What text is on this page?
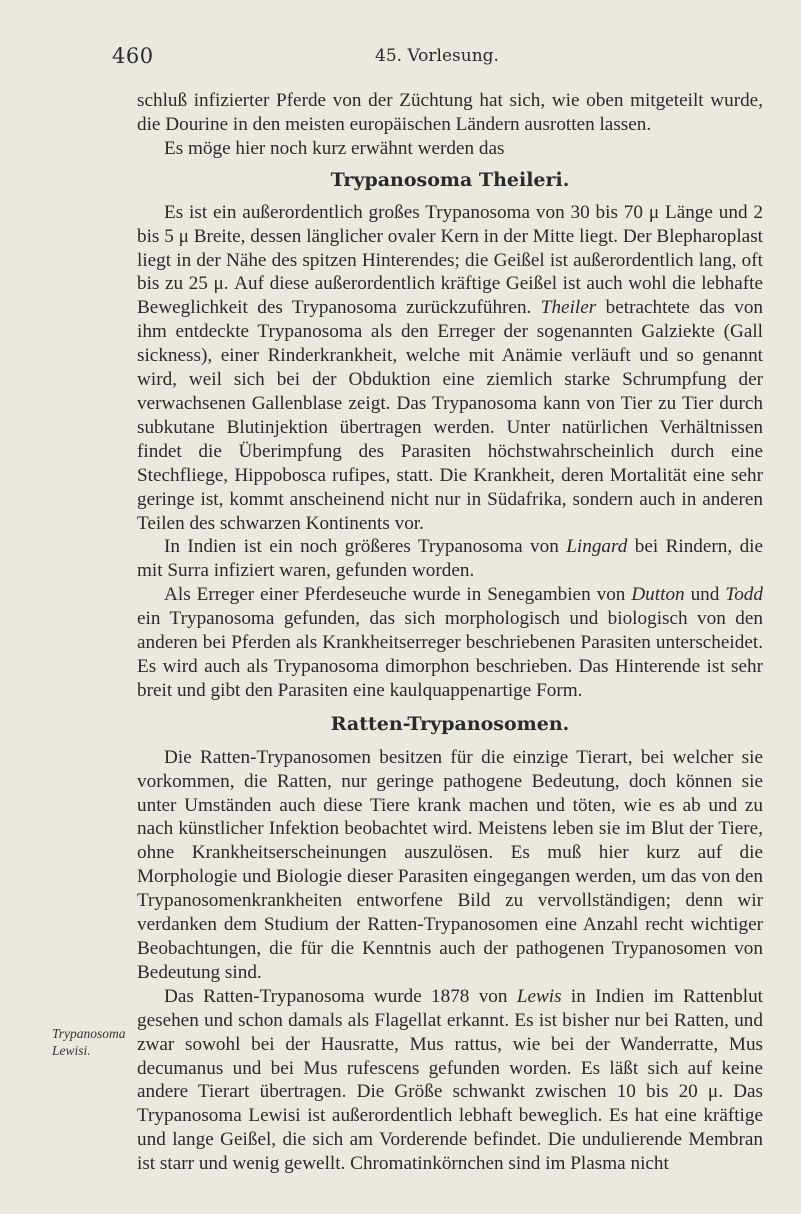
460	45. Vorlesung.

schluß infizierter Pferde von der Züchtung hat sich, wie oben mitgeteilt wurde, die Dourine in den meisten europäischen Ländern ausrotten lassen.

Es möge hier noch kurz erwähnt werden das

Trypanosoma Theileri.

Es ist ein außerordentlich großes Trypanosoma von 30 bis 70 μ Länge und 2 bis 5 μ Breite, dessen länglicher ovaler Kern in der Mitte liegt. Der Blepharoplast liegt in der Nähe des spitzen Hinterendes; die Geißel ist außerordentlich lang, oft bis zu 25 μ. Auf diese außerordentlich kräftige Geißel ist auch wohl die lebhafte Beweglichkeit des Trypanosoma zurückzuführen. Theiler betrachtete das von ihm entdeckte Trypanosoma als den Erreger der sogenannten Galziekte (Gall sickness), einer Rinderkrankheit, welche mit Anämie verläuft und so genannt wird, weil sich bei der Obduktion eine ziemlich starke Schrumpfung der verwachsenen Gallenblase zeigt. Das Trypanosoma kann von Tier zu Tier durch subkutane Blutinjektion übertragen werden. Unter natürlichen Verhältnissen findet die Überimpfung des Parasiten höchstwahrscheinlich durch eine Stechfliege, Hippobosca rufipes, statt. Die Krankheit, deren Mortalität eine sehr geringe ist, kommt anscheinend nicht nur in Südafrika, sondern auch in anderen Teilen des schwarzen Kontinents vor.

In Indien ist ein noch größeres Trypanosoma von Lingard bei Rindern, die mit Surra infiziert waren, gefunden worden.

Als Erreger einer Pferdeseuche wurde in Senegambien von Dutton und Todd ein Trypanosoma gefunden, das sich morphologisch und biologisch von den anderen bei Pferden als Krankheitserreger beschriebenen Parasiten unterscheidet. Es wird auch als Trypanosoma dimorphon beschrieben. Das Hinterende ist sehr breit und gibt den Parasiten eine kaulquappenartige Form.

Ratten-Trypanosomen.

Die Ratten-Trypanosomen besitzen für die einzige Tierart, bei welcher sie vorkommen, die Ratten, nur geringe pathogene Bedeutung, doch können sie unter Umständen auch diese Tiere krank machen und töten, wie es ab und zu nach künstlicher Infektion beobachtet wird. Meistens leben sie im Blut der Tiere, ohne Krankheitserscheinungen auszulösen. Es muß hier kurz auf die Morphologie und Biologie dieser Parasiten eingegangen werden, um das von den Trypanosomenkrankheiten entworfene Bild zu vervollständigen; denn wir verdanken dem Studium der Ratten-Trypanosomen eine Anzahl recht wichtiger Beobachtungen, die für die Kenntnis auch der pathogenen Trypanosomen von Bedeutung sind.

Das Ratten-Trypanosoma wurde 1878 von Lewis in Indien im Rattenblut gesehen und schon damals als Flagellat erkannt. Es ist bisher nur bei Ratten, und zwar sowohl bei der Hausratte, Mus rattus, wie bei der Wanderratte, Mus decumanus und bei Mus rufescens gefunden worden. Es läßt sich auf keine andere Tierart übertragen. Die Größe schwankt zwischen 10 bis 20 μ. Das Trypanosoma Lewisi ist außerordentlich lebhaft beweglich. Es hat eine kräftige und lange Geißel, die sich am Vorderende befindet. Die undulierende Membran ist starr und wenig gewellt. Chromatinkörnchen sind im Plasma nicht

Trypanosoma Lewisi.
